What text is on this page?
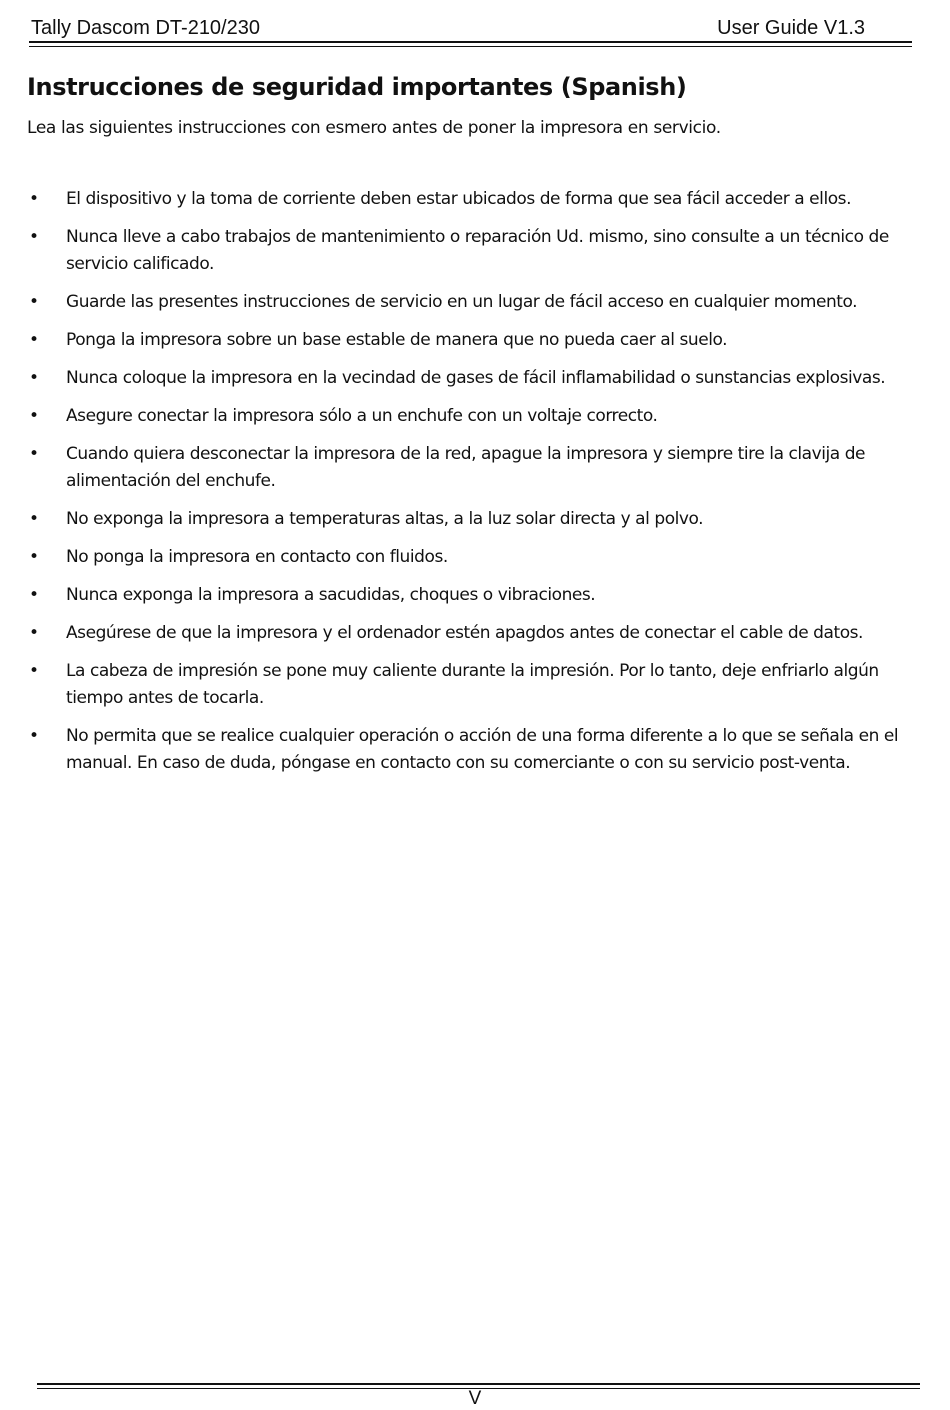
Tally Dascom DT-210/230	User Guide V1.3
Instrucciones de seguridad importantes (Spanish)

Lea las siguientes instrucciones con esmero antes de poner la impresora en servicio.

• El dispositivo y la toma de corriente deben estar ubicados de forma que sea fácil acceder a ellos.
• Nunca lleve a cabo trabajos de mantenimiento o reparación Ud. mismo, sino consulte a un técnico de servicio calificado.
• Guarde las presentes instrucciones de servicio en un lugar de fácil acceso en cualquier momento.
• Ponga la impresora sobre un base estable de manera que no pueda caer al suelo.
• Nunca coloque la impresora en la vecindad de gases de fácil inflamabilidad o sunstancias explosivas.
• Asegure conectar la impresora sólo a un enchufe con un voltaje correcto.
• Cuando quiera desconectar la impresora de la red, apague la impresora y siempre tire la clavija de alimentación del enchufe.
• No exponga la impresora a temperaturas altas, a la luz solar directa y al polvo.
• No ponga la impresora en contacto con fluidos.
• Nunca exponga la impresora a sacudidas, choques o vibraciones.
• Asegúrese de que la impresora y el ordenador estén apagdos antes de conectar el cable de datos.
• La cabeza de impresión se pone muy caliente durante la impresión. Por lo tanto, deje enfriarlo algún tiempo antes de tocarla.
• No permita que se realice cualquier operación o acción de una forma diferente a lo que se señala en el manual. En caso de duda, póngase en contacto con su comerciante o con su servicio post-venta.
V
